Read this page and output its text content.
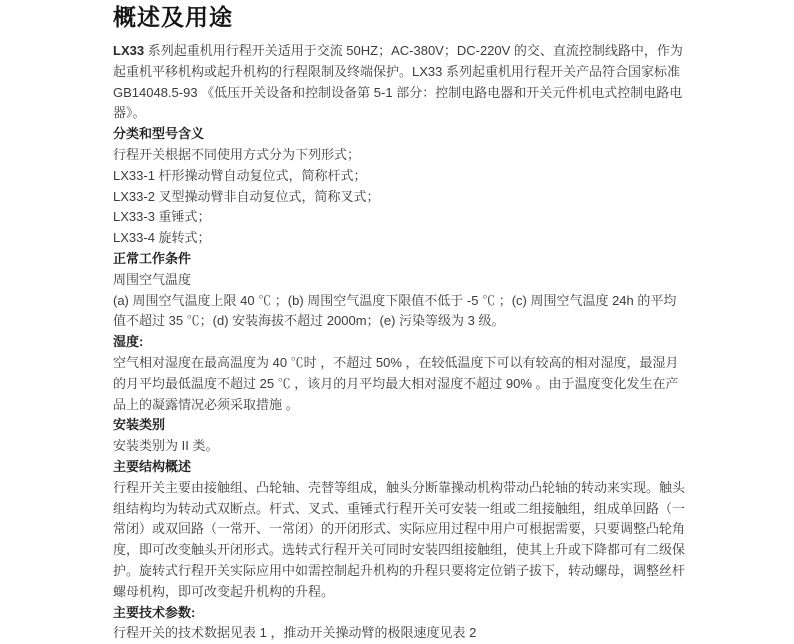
概述及用途

LX33 系列起重机用行程开关适用于交流 50HZ；AC-380V；DC-220V 的交、直流控制线路中，作为起重机平移机构或起升机构的行程限制及终端保护。LX33 系列起重机用行程开关产品符合国家标准 GB14048.5-93 《低压开关设备和控制设备第 5-1 部分：控制电路电器和开关元件机电式控制电路电器》。

分类和型号含义

行程开关根据不同使用方式分为下列形式；

LX33-1 杆形操动臂自动复位式，简称杆式；

LX33-2 叉型操动臂非自动复位式，简称叉式；

LX33-3 重锤式；

LX33-4 旋转式；

正常工作条件

周围空气温度

(a) 周围空气温度上限 40 ℃ ；(b) 周围空气温度下限值不低于 -5 ℃ ；(c) 周围空气温度 24h 的平均值不超过 35 ℃；(d) 安装海拔不超过 2000m；(e) 污染等级为 3 级。

湿度:

空气相对湿度在最高温度为 40 ℃时 ，不超过 50% ，在较低温度下可以有较高的相对湿度，最湿月的月平均最低温度不超过 25 ℃ ，该月的月平均最大相对湿度不超过 90% 。由于温度变化发生在产品上的凝露情况必须采取措施 。

安装类别

安装类别为 II 类。

主要结构概述

行程开关主要由接触组、凸轮轴、壳替等组成，触头分断靠操动机构带动凸轮轴的转动来实现。触头组结构均为转动式双断点。杆式、叉式、重锤式行程开关可安装一组或二组接触组，组成单回路（一常闭）或双回路（一常开、一常闭）的开闭形式、实际应用过程中用户可根据需要，只要调整凸轮角度，即可改变触头开闭形式。选转式行程开关可同时安装四组接触组，使其上升或下降都可有二级保护。旋转式行程开关实际应用中如需控制起升机构的升程只要将定位销子拔下，转动螺母，调整丝杆螺母机构，即可改变起升机构的升程。

主要技术参数:

行程开关的技术数据见表 1 ，推动开关操动臂的极限速度见表 2
